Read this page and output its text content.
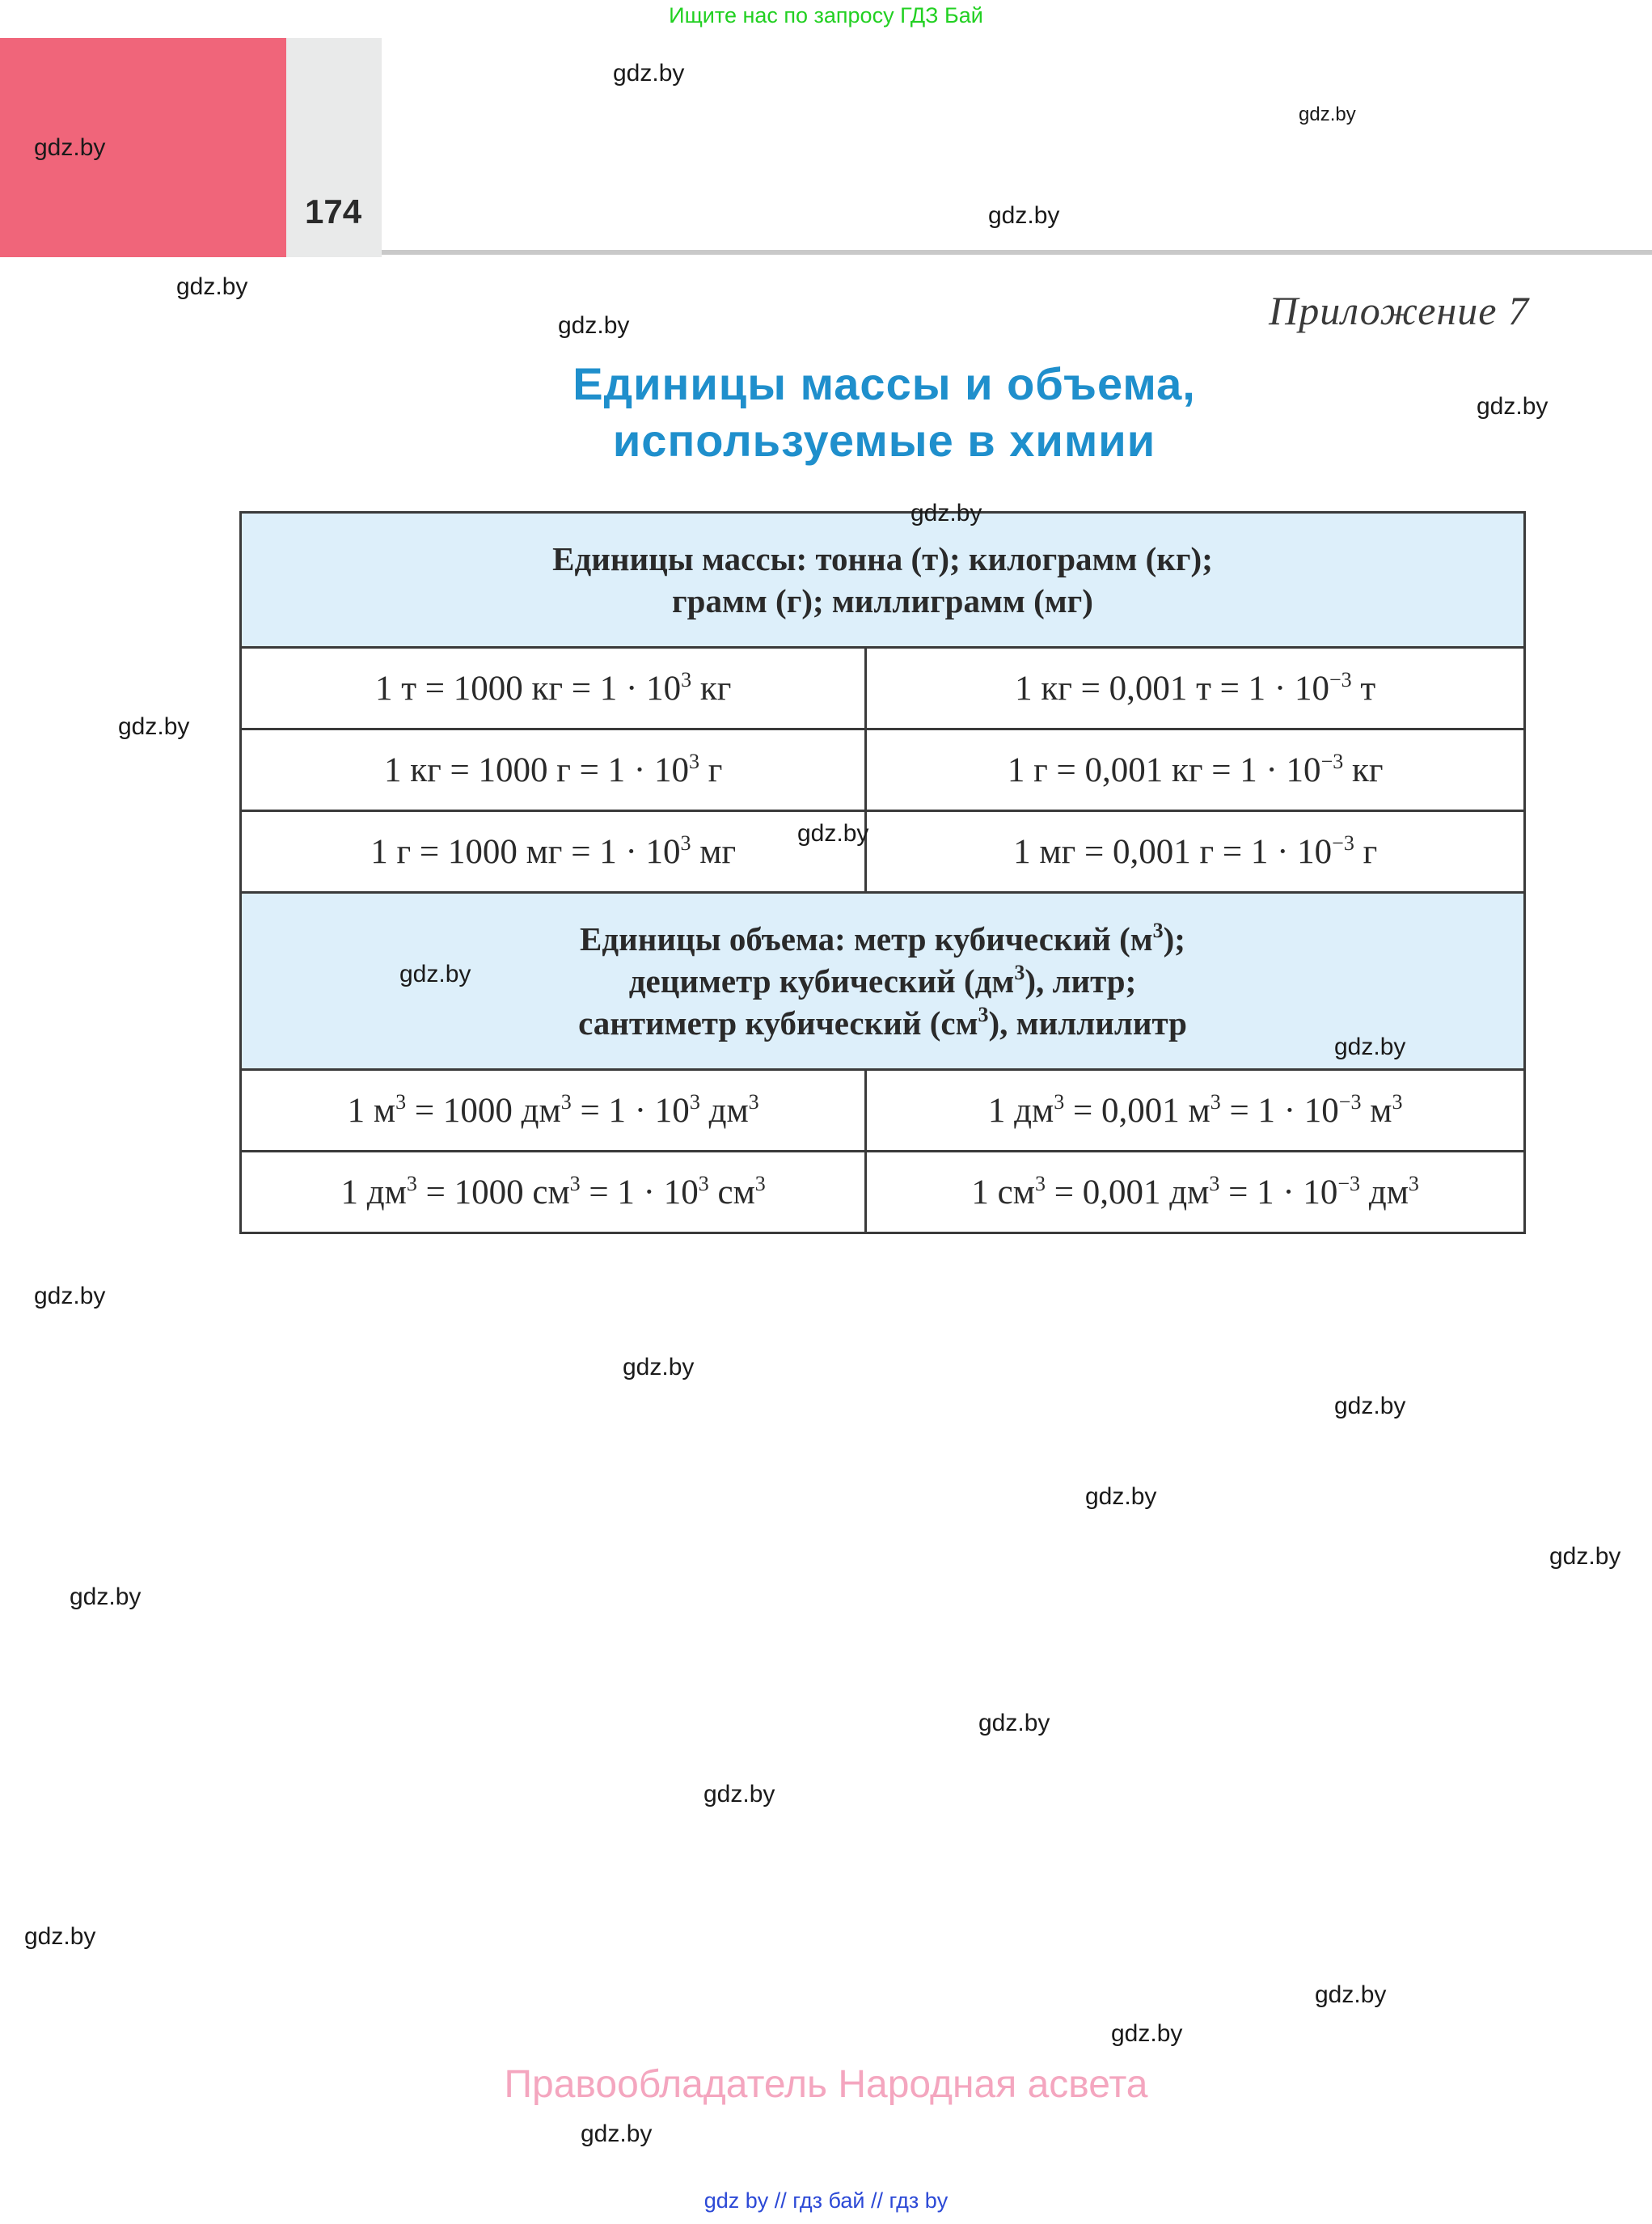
Ищите нас по запросу ГДЗ Бай
174
Приложение 7
Единицы массы и объема,
используемые в химии
Единицы массы: тонна (т); килограмм (кг);
грамм (г); миллиграмм (мг)	

1 т = 1000 кг = $1 \cdot 10^3$ кг	1 кг = 0,001 $т = 1 \cdot 10^{-3}$ т
1 кг = 1000 $г = 1 \cdot 10^3$ г	1 г = 0,001 кг = $1 \cdot 10^{-3}$ кг
1 г = 1000 мг = $1 \cdot 10^3$ мг	1 мг = 0,001 $г = 1 \cdot 10^{-3}$ г

Единицы объема: метр кубический $(м^3)$;
дециметр кубический $(дм^3)$, литр;
сантиметр кубический $(см^3)$, миллилитр	

1 $м^3 = 1000$ $дм^3 = 1 \cdot 10^3$ $дм^3$	1 $дм^3 = 0,001$ $м^3 = 1 \cdot 10^{-3}$ $м^3$
1 $дм^3 = 1000$ $см^3 = 1 \cdot 10^3$ $см^3$	1 $см^3 = 0,001$ $дм^3 = 1 \cdot 10^{-3}$ $дм^3$
gdz.by
gdz.by
gdz.by
gdz.by
gdz.by
gdz.by
gdz.by
gdz.by
gdz.by
gdz.by
gdz.by
gdz.by
gdz.by
gdz.by
gdz.by
gdz.by
gdz.by
gdz.by
gdz.by
gdz.by
gdz.by
gdz.by
gdz.by
gdz.by
Правообладатель Народная асвета
gdz by // гдз бай // гдз by
